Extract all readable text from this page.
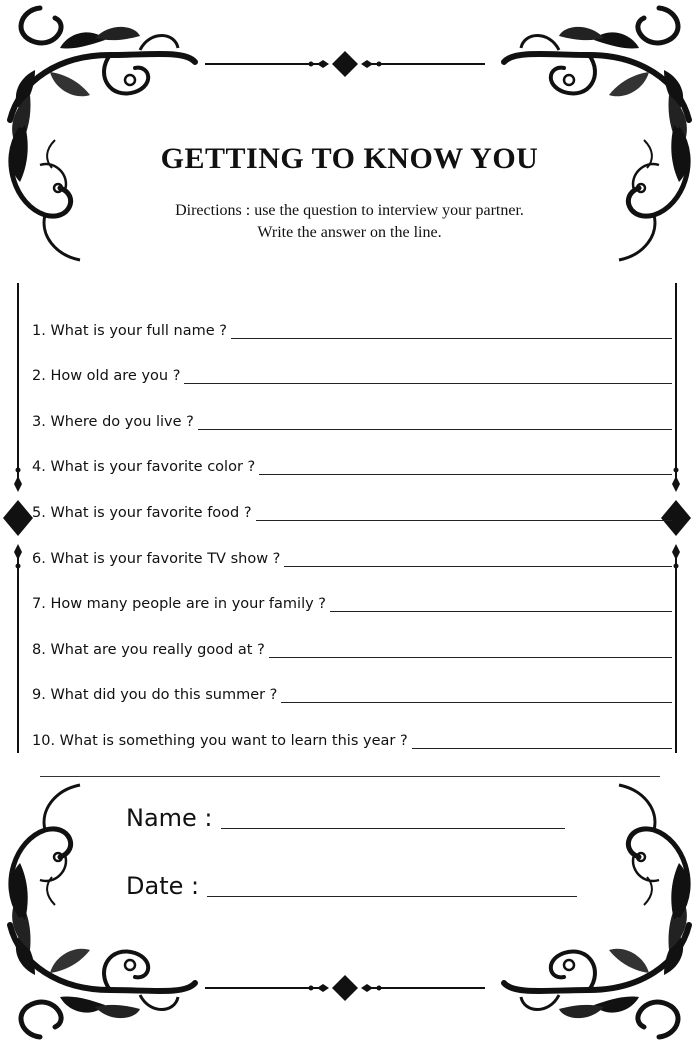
GETTING TO KNOW YOU
Directions : use the question to interview your partner.
Write the answer on the line.
1. What is your full name ?
2. How old are you ?
3. Where do you live ?
4. What is your favorite color ?
5. What is your favorite food ?
6. What is your favorite TV show ?
7. How many people are in your family ?
8. What are you really good at ?
9. What did you do this summer ?
10. What is something you want to learn this year ?
Name :
Date :
